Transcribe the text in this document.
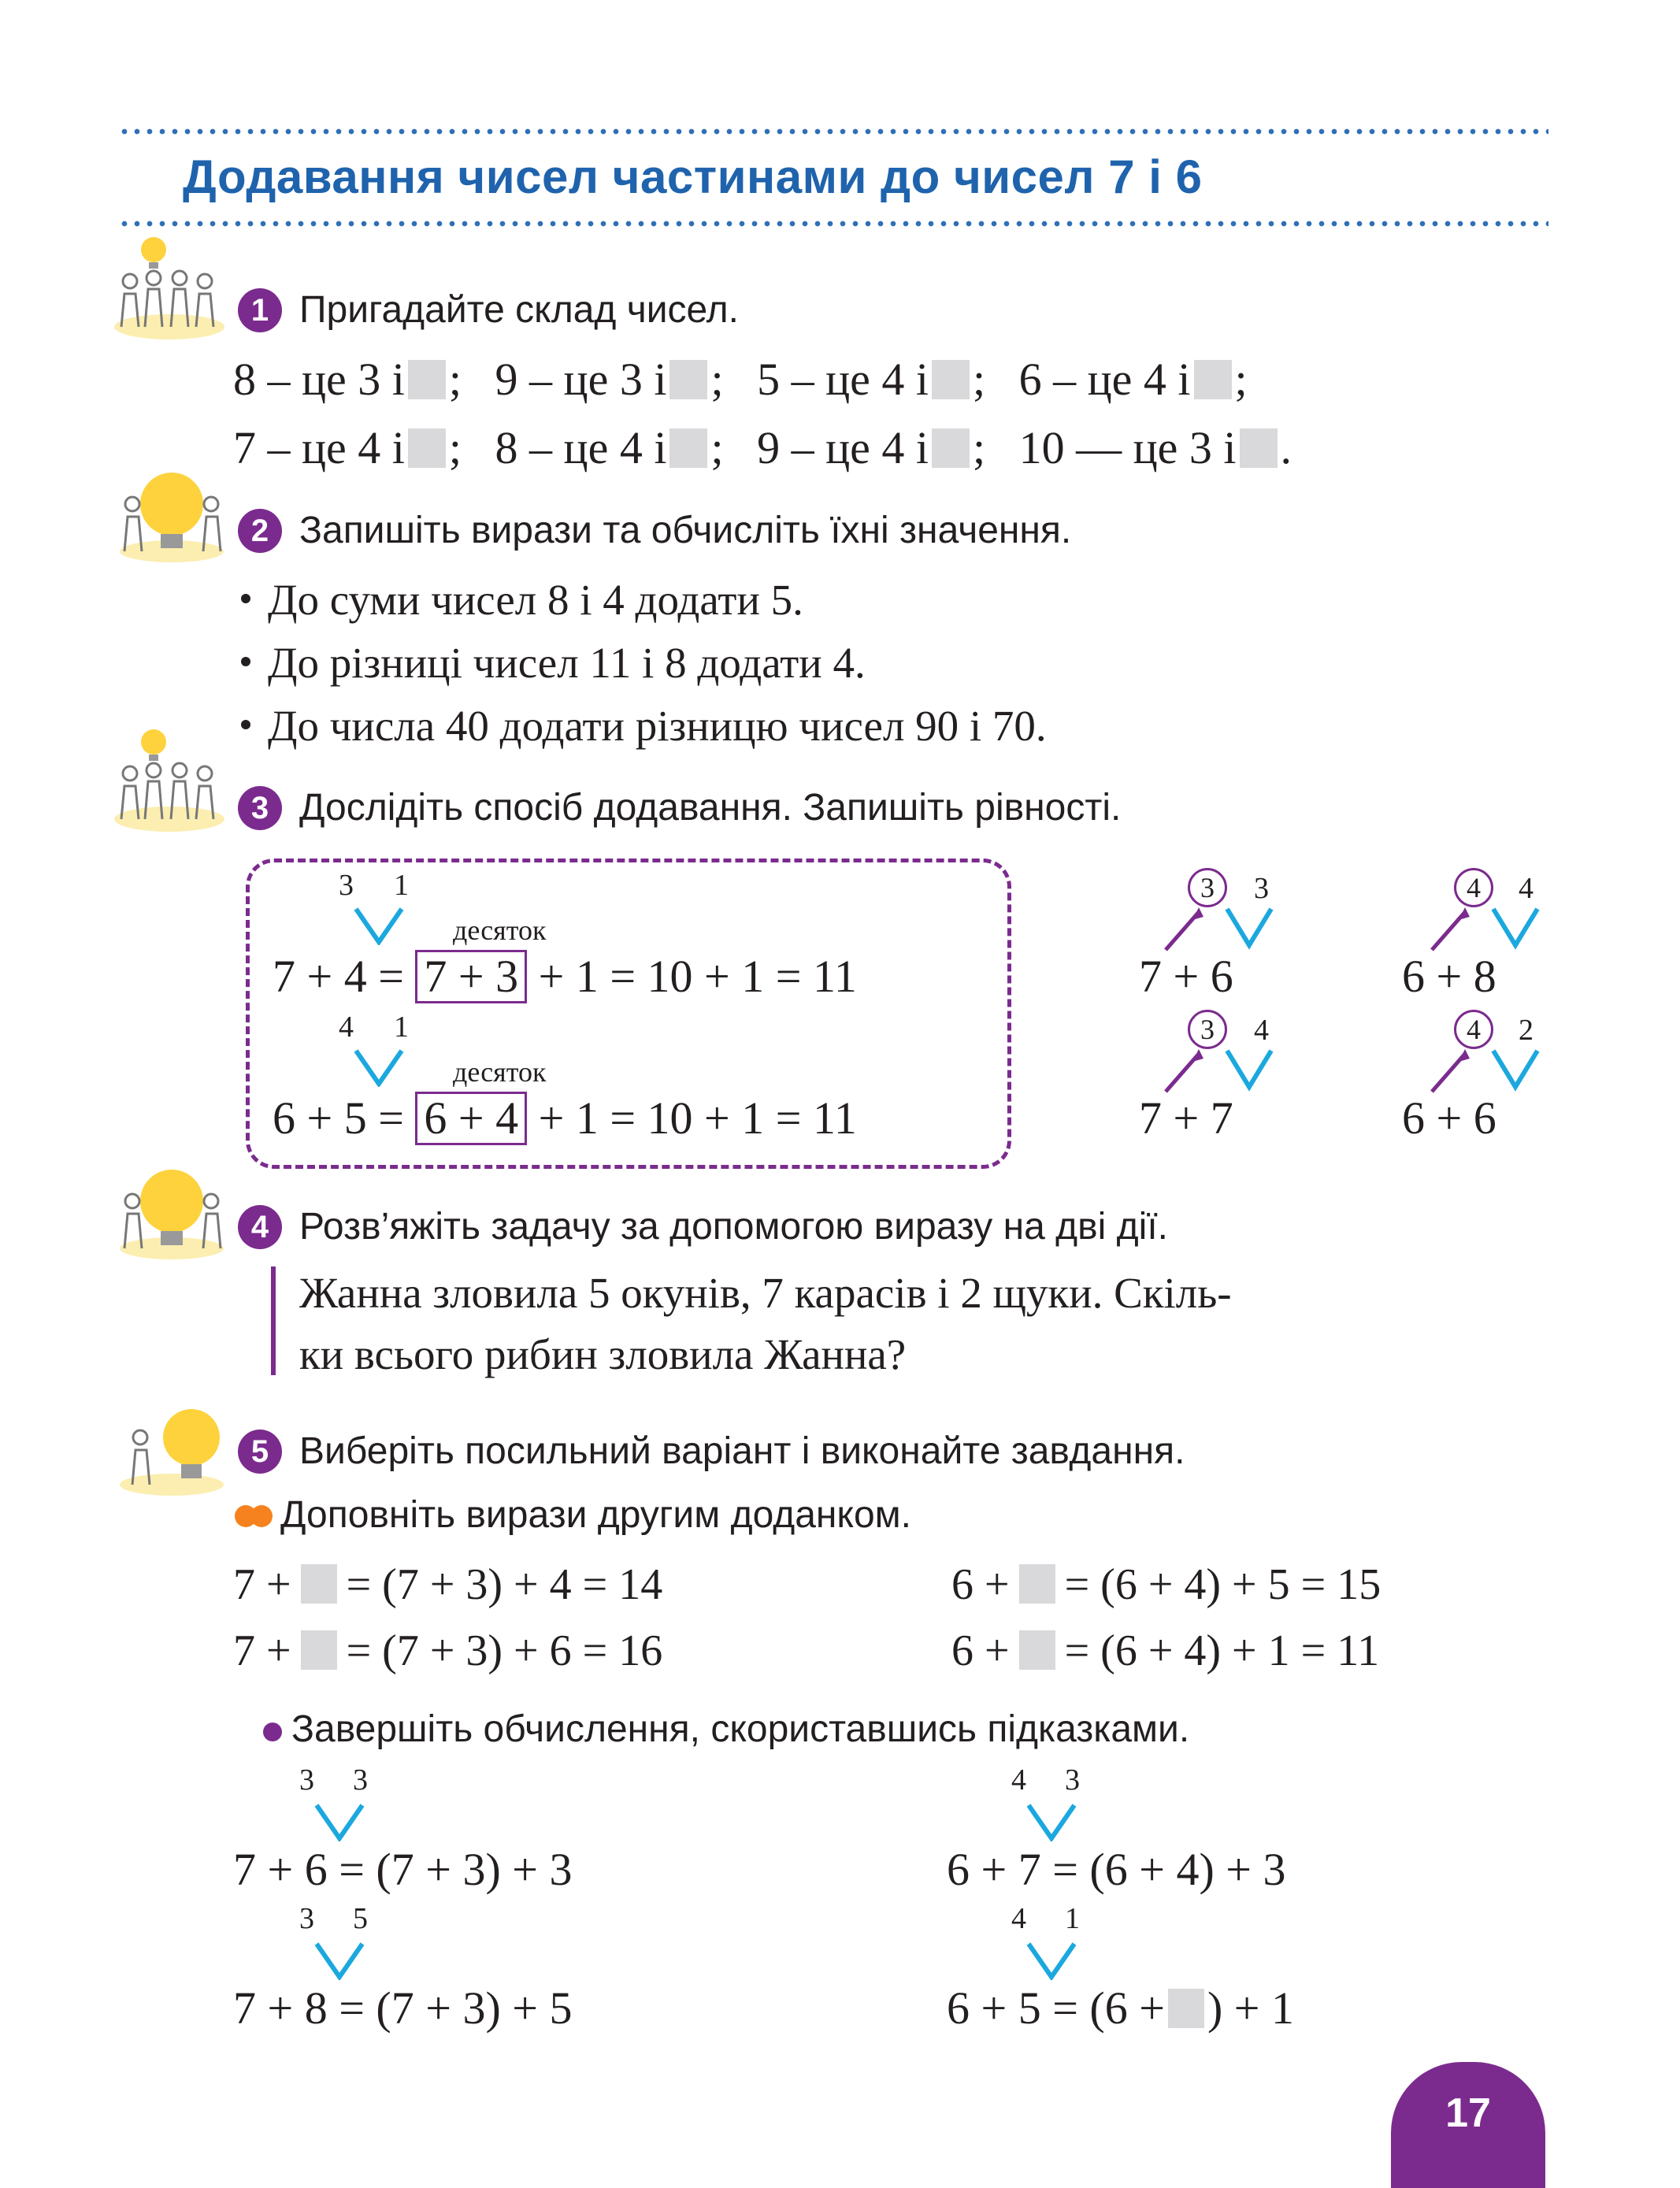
Додавання чисел частинами до чисел 7 і 6
1 Пригадайте склад чисел.
8 – це 3 і ; 9 – це 3 і ; 5 – це 4 і ; 6 – це 4 і ;
7 – це 4 і ; 8 – це 4 і ; 9 – це 4 і ; 10 — це 3 і .
2 Запишіть вирази та обчисліть їхні значення.
До суми чисел 8 і 4 додати 5.
До різниці чисел 11 і 8 додати 4.
До числа 40 додати різницю чисел 90 і 70.
3 Дослідіть спосіб додавання. Запишіть рівності.
3 1
десяток
7 + 4 = 7 + 3 + 1 = 10 + 1 = 11
4 1
десяток
6 + 5 = 6 + 4 + 1 = 10 + 1 = 11
3	3
7 + 6
4	4
6 + 8
3	4
7 + 7
4	2
6 + 6
4 Розв’яжіть задачу за допомогою виразу на дві дії.
Жанна зловила 5 окунів, 7 карасів і 2 щуки. Скіль-
ки всього рибин зловила Жанна?
5 Виберіть посильний варіант і виконайте завдання.
Доповніть вирази другим доданком.
7 + = (7 + 3) + 4 = 14	6 + = (6 + 4) + 5 = 15
7 + = (7 + 3) + 6 = 16	6 + = (6 + 4) + 1 = 11
Завершіть обчислення, скориставшись підказками.
3 3
7 + 6 = (7 + 3) + 3
4 3
6 + 7 = (6 + 4) + 3
3 5
7 + 8 = (7 + 3) + 5
4 1
6 + 5 = (6 + ) + 1
17
